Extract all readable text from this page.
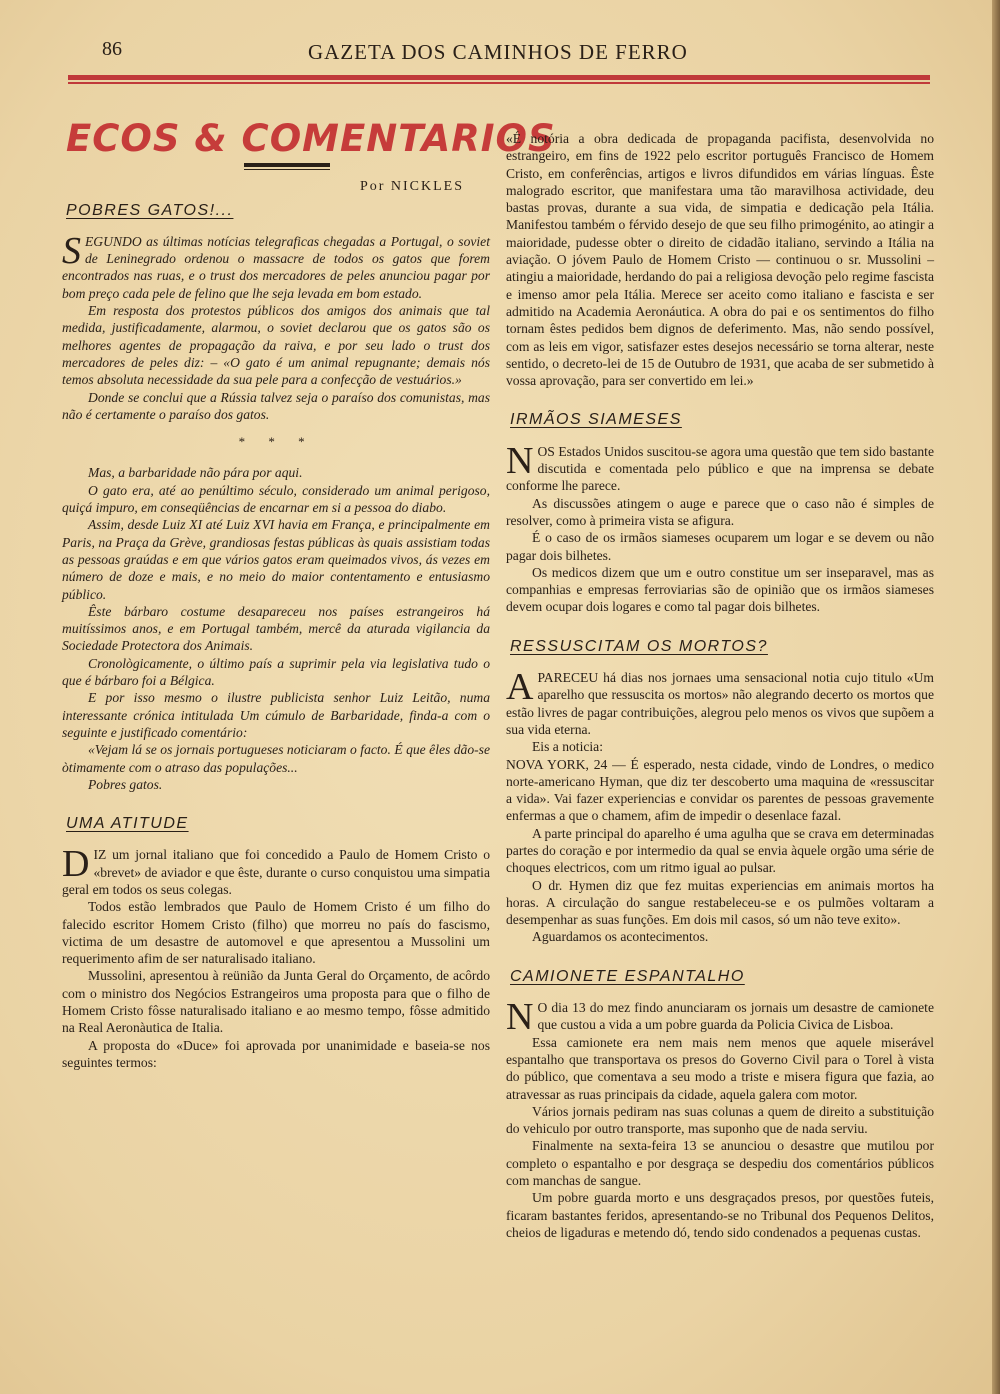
86	GAZETA DOS CAMINHOS DE FERRO
ECOS & COMENTARIOS
Por NICKLES
POBRES GATOS!...

SEGUNDO as últimas notícias telegraficas chegadas a Portugal, o soviet de Leninegrado ordenou o massacre de todos os gatos que forem encontrados nas ruas, e o trust dos mercadores de peles anunciou pagar por bom preço cada pele de felino que lhe seja levada em bom estado.

Em resposta dos protestos públicos dos amigos dos animais que tal medida, justificadamente, alarmou, o soviet declarou que os gatos são os melhores agentes de propagação da raiva, e por seu lado o trust dos mercadores de peles diz: – «O gato é um animal repugnante; demais nós temos absoluta necessidade da sua pele para a confecção de vestuários.»

Donde se conclui que a Rússia talvez seja o paraíso dos comunistas, mas não é certamente o paraíso dos gatos.

* * *

Mas, a barbaridade não pára por aqui.

O gato era, até ao penúltimo século, considerado um animal perigoso, quiçá impuro, em conseqüências de encarnar em si a pessoa do diabo.

Assim, desde Luiz XI até Luiz XVI havia em França, e principalmente em Paris, na Praça da Grève, grandiosas festas públicas às quais assistiam todas as pessoas graúdas e em que vários gatos eram queimados vivos, ás vezes em número de doze e mais, e no meio do maior contentamento e entusiasmo público.

Êste bárbaro costume desapareceu nos países estrangeiros há muitíssimos anos, e em Portugal também, mercê da aturada vigilancia da Sociedade Protectora dos Animais.

Cronològicamente, o último país a suprimir pela via legislativa tudo o que é bárbaro foi a Bélgica.

E por isso mesmo o ilustre publicista senhor Luiz Leitão, numa interessante crónica intitulada Um cúmulo de Barbaridade, finda-a com o seguinte e justificado comentário:

«Vejam lá se os jornais portugueses noticiaram o facto. É que êles dão-se òtimamente com o atraso das populações...

Pobres gatos.

UMA ATITUDE

DIZ um jornal italiano que foi concedido a Paulo de Homem Cristo o «brevet» de aviador e que êste, durante o curso conquistou uma simpatia geral em todos os seus colegas.

Todos estão lembrados que Paulo de Homem Cristo é um filho do falecido escritor Homem Cristo (filho) que morreu no país do fascismo, victima de um desastre de automovel e que apresentou a Mussolini um requerimento afim de ser naturalisado italiano.

Mussolini, apresentou à reünião da Junta Geral do Orçamento, de acôrdo com o ministro dos Negócios Estrangeiros uma proposta para que o filho de Homem Cristo fôsse naturalisado italiano e ao mesmo tempo, fôsse admitido na Real Aeronàutica de Italia.

A proposta do «Duce» foi aprovada por unanimidade e baseia-se nos seguintes termos:

«É notória a obra dedicada de propaganda pacifista, desenvolvida no estrangeiro, em fins de 1922 pelo escritor português Francisco de Homem Cristo, em conferências, artigos e livros difundidos em várias línguas. Êste malogrado escritor, que manifestara uma tão maravilhosa actividade, deu bastas provas, durante a sua vida, de simpatia e dedicação pela Itália. Manifestou também o férvido desejo de que seu filho primogénito, ao atingir a maioridade, pudesse obter o direito de cidadão italiano, servindo a Itália na aviação. O jóvem Paulo de Homem Cristo — continuou o sr. Mussolini – atingiu a maioridade, herdando do pai a religiosa devoção pelo regime fascista e imenso amor pela Itália. Merece ser aceito como italiano e fascista e ser admitido na Academia Aeronáutica. A obra do pai e os sentimentos do filho tornam êstes pedidos bem dignos de deferimento. Mas, não sendo possível, com as leis em vigor, satisfazer estes desejos necessário se torna alterar, neste sentido, o decreto-lei de 15 de Outubro de 1931, que acaba de ser submetido à vossa aprovação, para ser convertido em lei.»

IRMÃOS SIAMESES

NOS Estados Unidos suscitou-se agora uma questão que tem sido bastante discutida e comentada pelo público e que na imprensa se debate conforme lhe parece.

As discussões atingem o auge e parece que o caso não é simples de resolver, como à primeira vista se afigura.

É o caso de os irmãos siameses ocuparem um logar e se devem ou não pagar dois bilhetes.

Os medicos dizem que um e outro constitue um ser inseparavel, mas as companhias e empresas ferroviarias são de opinião que os irmãos siameses devem ocupar dois logares e como tal pagar dois bilhetes.

RESSUSCITAM OS MORTOS?

APARECEU há dias nos jornaes uma sensacional notia cujo titulo «Um aparelho que ressuscita os mortos» não alegrando decerto os mortos que estão livres de pagar contribuições, alegrou pelo menos os vivos que supõem a sua vida eterna.

Eis a noticia:

NOVA YORK, 24 — É esperado, nesta cidade, vindo de Londres, o medico norte-americano Hyman, que diz ter descoberto uma maquina de «ressuscitar a vida». Vai fazer experiencias e convidar os parentes de pessoas gravemente enfermas a que o chamem, afim de impedir o desenlace fazal.

A parte principal do aparelho é uma agulha que se crava em determinadas partes do coração e por intermedio da qual se envia àquele orgão uma série de choques electricos, com um ritmo igual ao pulsar.

O dr. Hymen diz que fez muitas experiencias em animais mortos ha horas. A circulação do sangue restabeleceu-se e os pulmões voltaram a desempenhar as suas funções. Em dois mil casos, só um não teve exito».

Aguardamos os acontecimentos.

CAMIONETE ESPANTALHO

N O dia 13 do mez findo anunciaram os jornais um desastre de camionete que custou a vida a um pobre guarda da Policia Civica de Lisboa.

Essa camionete era nem mais nem menos que aquele miserável espantalho que transportava os presos do Governo Civil para o Torel à vista do público, que comentava a seu modo a triste e misera figura que fazia, ao atravessar as ruas principais da cidade, aquela galera com motor.

Vários jornais pediram nas suas colunas a quem de direito a substituição do vehiculo por outro transporte, mas suponho que de nada serviu.

Finalmente na sexta-feira 13 se anunciou o desastre que mutilou por completo o espantalho e por desgraça se despediu dos comentários públicos com manchas de sangue.

Um pobre guarda morto e uns desgraçados presos, por questões futeis, ficaram bastantes feridos, apresentando-se no Tribunal dos Pequenos Delitos, cheios de ligaduras e metendo dó, tendo sido condenados a pequenas custas.
